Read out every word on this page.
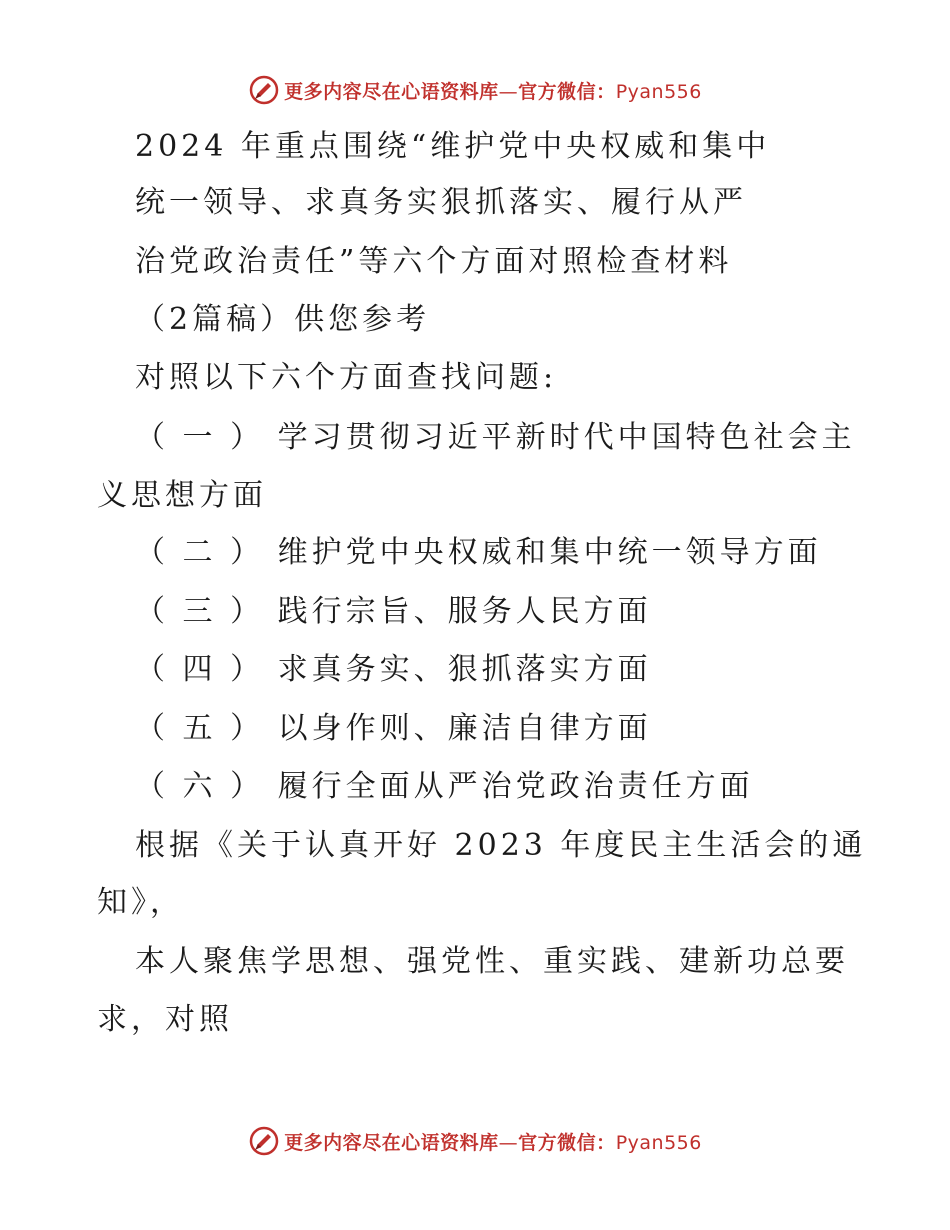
更多内容尽在心语资料库—官方微信：Pyan556
2024 年重点围绕“维护党中央权威和集中
统一领导、求真务实狠抓落实、履行从严
治党政治责任”等六个方面对照检查材料
（2篇稿）供您参考
对照以下六个方面查找问题:
（ 一 ） 学习贯彻习近平新时代中国特色社会主
义思想方面
（ 二 ） 维护党中央权威和集中统一领导方面
（ 三 ） 践行宗旨、服务人民方面
（ 四 ） 求真务实、狠抓落实方面
（ 五 ） 以身作则、廉洁自律方面
（ 六 ） 履行全面从严治党政治责任方面
根据《关于认真开好 2023 年度民主生活会的通
知》，
本人聚焦学思想、强党性、重实践、建新功总要
求，对照
更多内容尽在心语资料库—官方微信：Pyan556
